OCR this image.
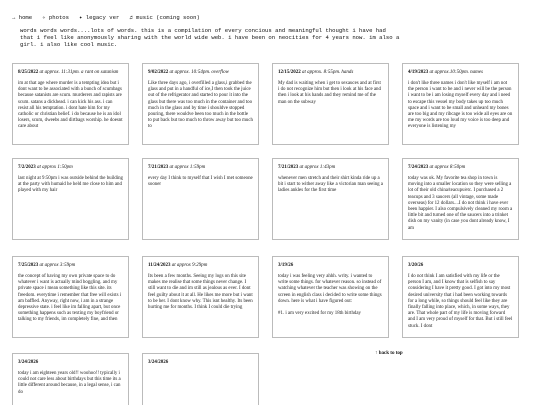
→ home ✧ photos ✦ legacy ver ♬ music (coming soon)

words words words....lots of words. this is a compilation of every concious and meaningful thought i have had that i feel like anonymously sharing with the world wide web. i have been on neocities for 4 years now. im also a girl. i also like cool music.

8/25/2022 at approx. 11:31pm. a rant on satanism
im at that age where murder is a tempting idea but i dont want to be associated with a bunch of scumbags because satanists are scum. murderers and rapists are scum. satans a dickhead. i can kick his ass. i can resist all his temptation. i dont hate him for my catholic or christian belief. i do because he is an idol losers, scum, dweebs and dirtbags worship. he doesnt care about
9/02/2022 at approx. 10:54pm. overflow
Like three days ago, i overfilled a glass,i grabbed the glass and put in a handful of ice,I then took the juice out of the refrigerator and started to pour it into the glass but there was too much in the container and too much in the glass and by time i shouldve stopped pouring, there wouldve been too much in the bottle to put back but too much to throw away but too much to
12/15/2022 at approx. 8:55pm. hands
My dad is waiting when i get to sexauces and at first i do not recognize him but then i look at his face and then i look at his hands and they remind me of the man on the subway
4/19/2023 at approx.10:50pm. names
i don't like three names i don't like myself i am not the person i want to be and i never will be the person i want to be i am losing myself every day and i need to escape this vessel my body takes up too much space and i want to be small and unheard my bones are too big and my ribcage is too wide all eyes are on me my words are too loud my voice is too deep and everyone is listening my
7/2/2023 at approx 1:50pm
last night at 9:50pm i was outside behind the building at the party with humaid he held me close to him and played with my hair
7/21/2023 at approx 1:59pm
every day I think to myself that I wish I met someone sooner
7/21/2023 at approx 1:43pm
whenever men stretch and their shirt kinda ride up a bit i start to wither away like a victorian man seeing a ladies ankles for the first time
7/24/2023 at approx 8:50pm
today was ok. My favorite tea shop in town is moving into a smaller location so they were selling a lot of their old china/teacups/etc. I purchased a 2 teacups and 3 saucers (all vintage, some made overseas) for 12 dollars....I do not think i have ever been happier. I also compulsively cleaned my room a little bit and turned one of the saucers into a trinket dish on my vanity (in case you dont already know, I am
7/25/2023 at approx 3:59pm
the concept of having my own private space to do whatever i want is actually mind boggling. and my private space i mean something like this site. its freedom. everytime i remember that free will exists i am baffled. Anyway, right now, i am in a strange depressive state. i feel like im falling apart, but once something happens such as texting my boyfriend or talking to my friends, im completely fine, and then
11/24/2023 at approx 9:29pm
Its been a few months. Seeing my logs on this site makes me realise that some things never change. I still want to die and im still as jealous as ever. I dont feel guilty about it at all. He likes me more but i want to be her. I dont know why. This isnt healthy. Its been hurting me for months. I think I could die trying
3/19/26
today i was feeling very ahhh. writy. i wanted to write some things. for whatever reason. so instead of watching whatever the teacher was showing on the screen in english class i decided to write some things down. here is what i have figured out:

#1. i am very excited for my 18th birthday
3/20/26
I do not think I am satisfied with my life or the person I am, and I know that is selfish to say considering I have it pretty good. I got into my most desired university that i had been working towards for a long while, so things should feel like they are finally falling into place, which, in some ways, they are. That whole part of my life is moving forward and I am very proud of myself for that. But i still feel stuck. I dont
3/24/2026
today i am eighteen years old!! woohoo!! typically i could not care less about birthdays but this time its a little different around because, in a legal sense, i can do
3/24/2026
↑ back to top
